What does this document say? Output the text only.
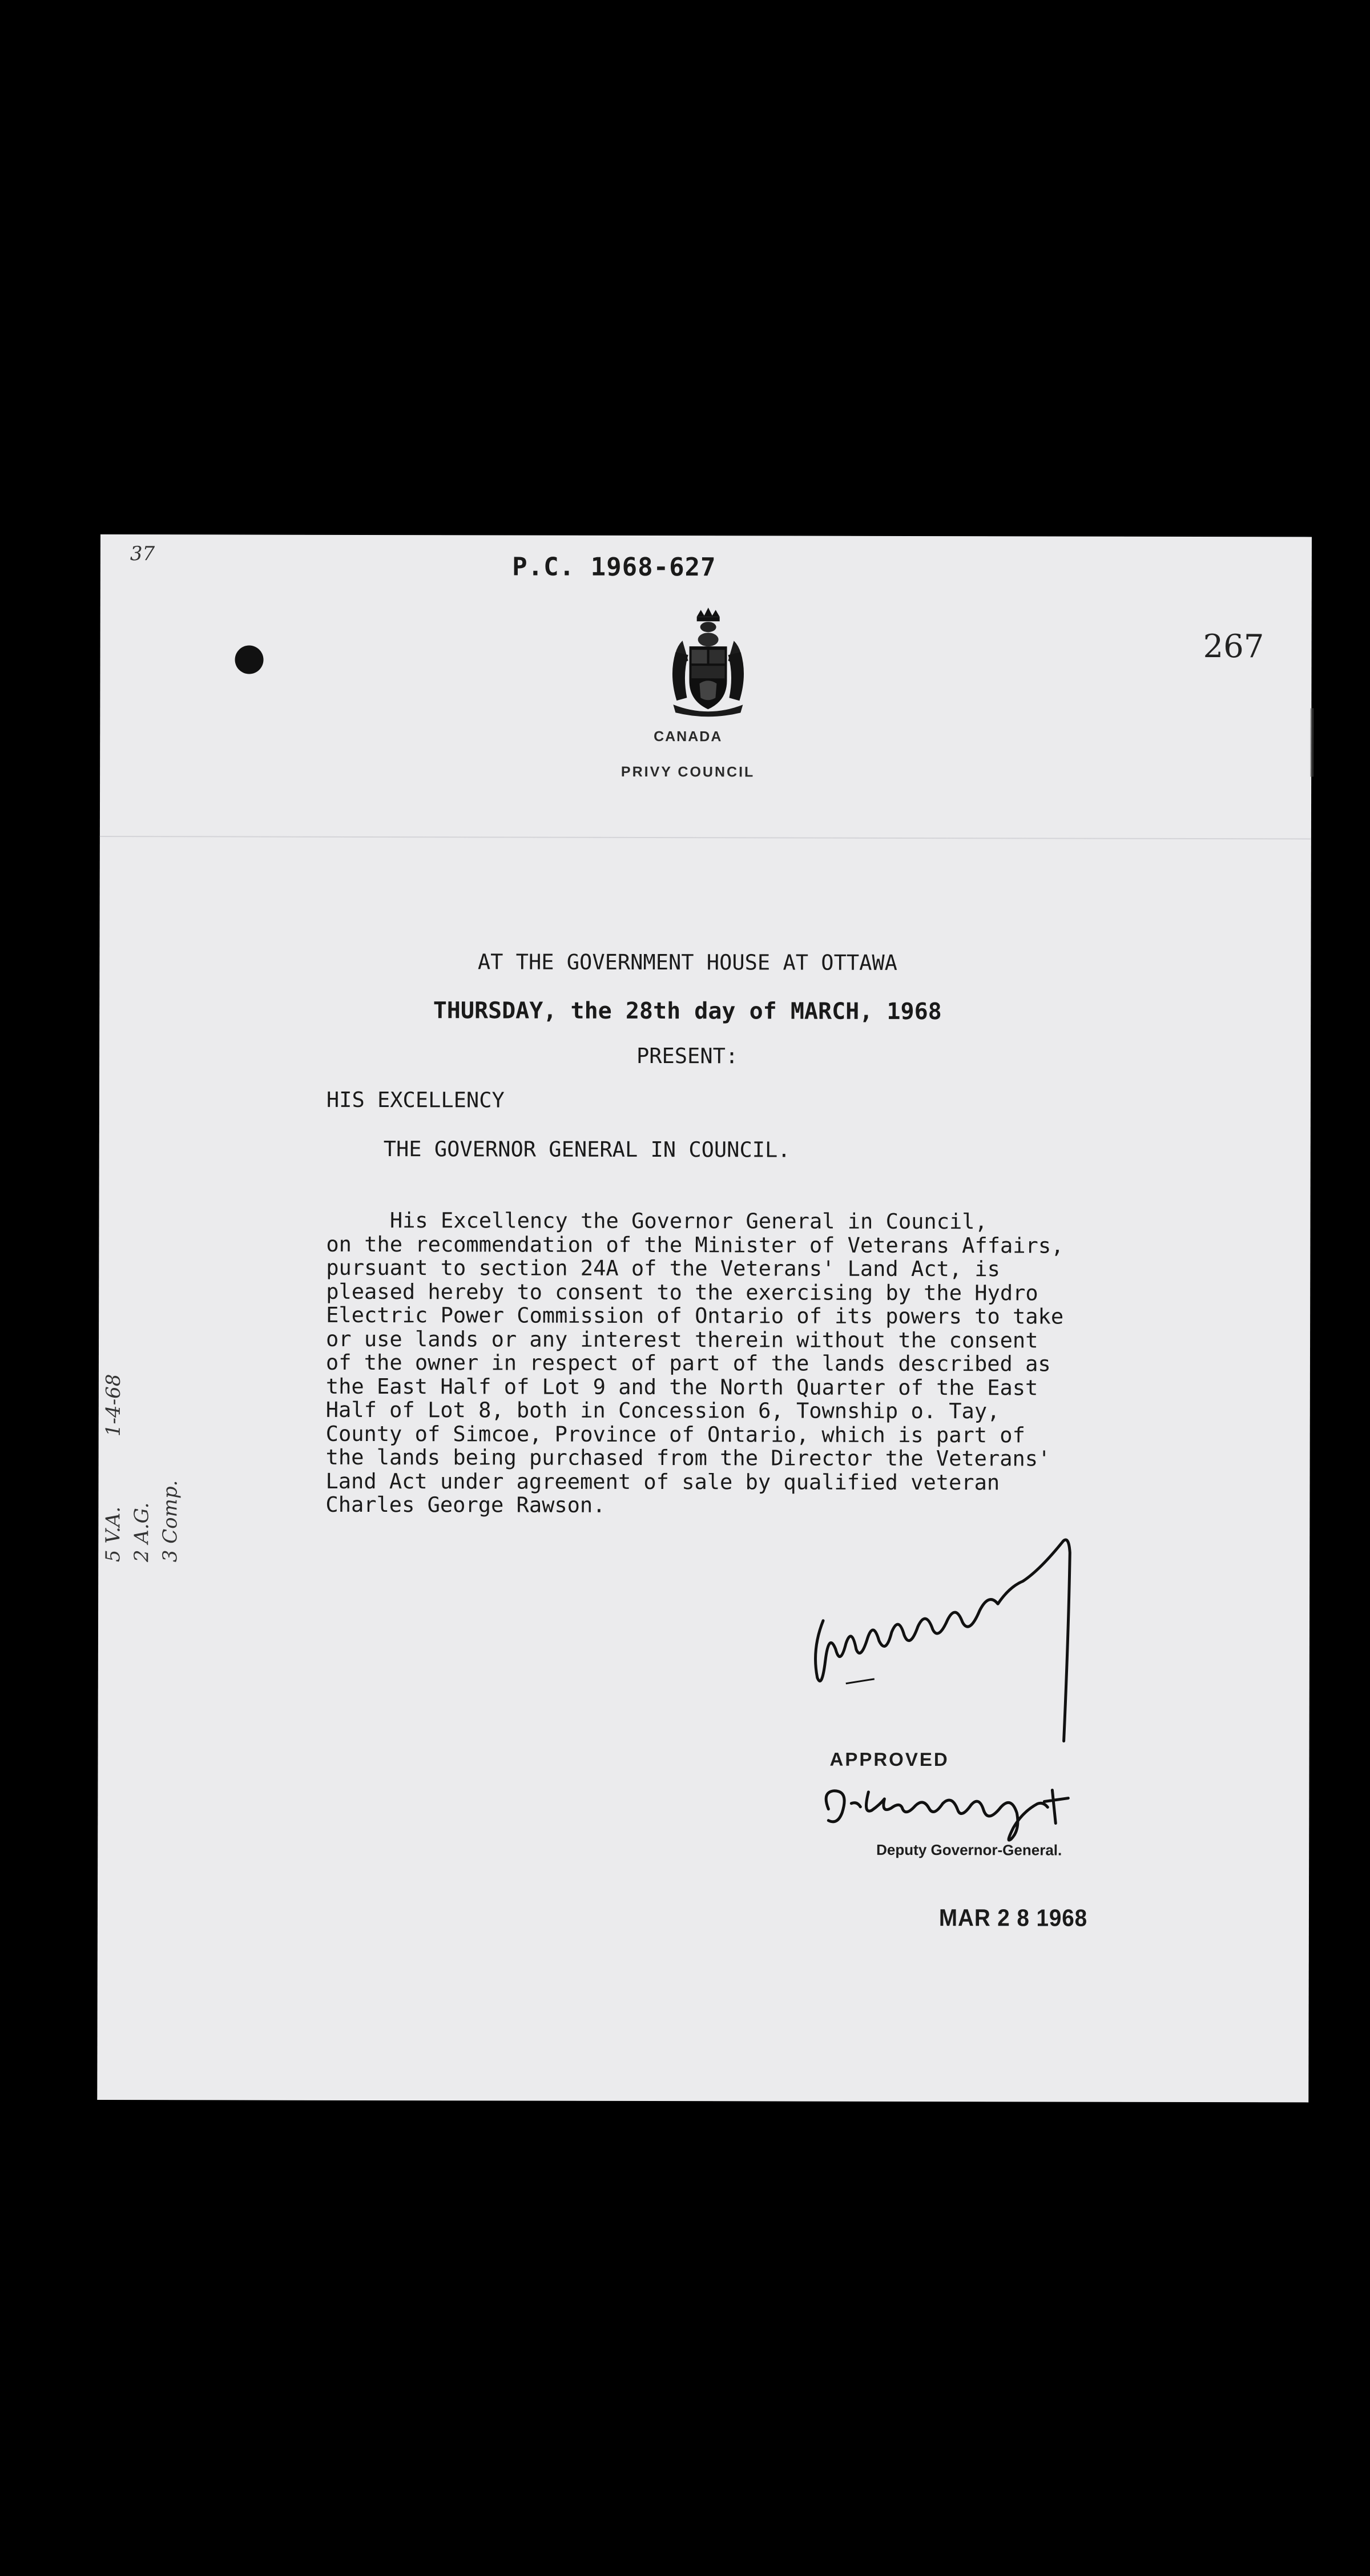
37	P.C. 1968-627
267
CANADA
PRIVY COUNCIL
AT THE GOVERNMENT HOUSE AT OTTAWA
THURSDAY, the 28th day of MARCH, 1968
PRESENT:
HIS EXCELLENCY
THE GOVERNOR GENERAL IN COUNCIL.
His Excellency the Governor General in Council,
on the recommendation of the Minister of Veterans Affairs,
pursuant to section 24A of the Veterans' Land Act, is
pleased hereby to consent to the exercising by the Hydro
Electric Power Commission of Ontario of its powers to take
or use lands or any interest therein without the consent
of the owner in respect of part of the lands described as
the East Half of Lot 9 and the North Quarter of the East
Half of Lot 8, both in Concession 6, Township o. Tay,
County of Simcoe, Province of Ontario, which is part of
the lands being purchased from the Director the Veterans'
Land Act under agreement of sale by qualified veteran
Charles George Rawson.
5 V.A. 2 A.G. 3 Comp.
1-4-68
APPROVED
Deputy Governor-General.
MAR 2 8 1968
